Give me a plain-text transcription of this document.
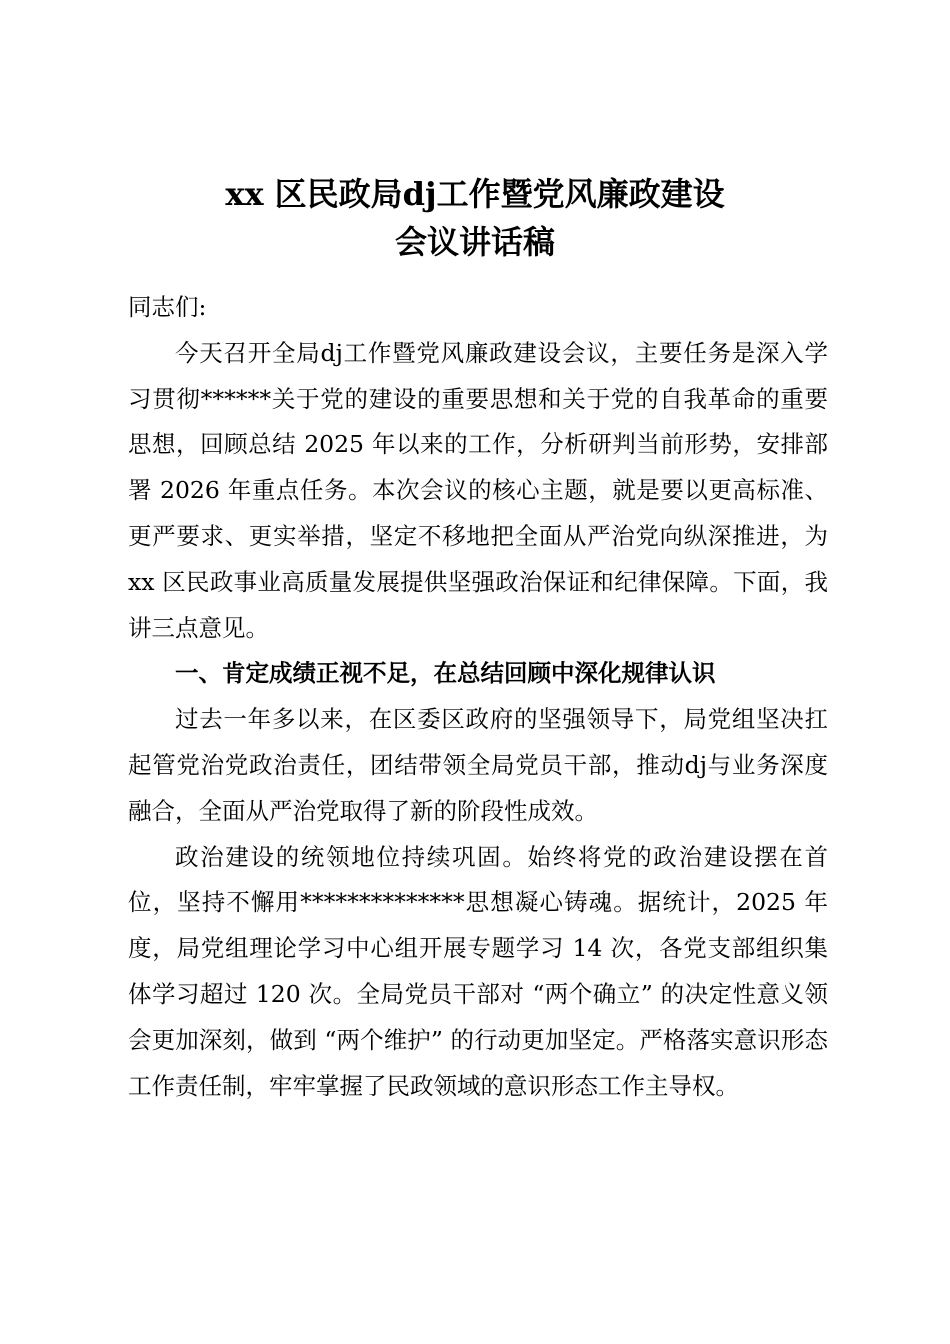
xx 区民政局dj工作暨党风廉政建设
会议讲话稿

同志们:

今天召开全局dj工作暨党风廉政建设会议，主要任务是深入学习贯彻******关于党的建设的重要思想和关于党的自我革命的重要思想，回顾总结 2025 年以来的工作，分析研判当前形势，安排部署 2026 年重点任务。本次会议的核心主题，就是要以更高标准、更严要求、更实举措，坚定不移地把全面从严治党向纵深推进，为 xx 区民政事业高质量发展提供坚强政治保证和纪律保障。下面，我讲三点意见。

一、肯定成绩正视不足，在总结回顾中深化规律认识

过去一年多以来，在区委区政府的坚强领导下，局党组坚决扛起管党治党政治责任，团结带领全局党员干部，推动dj与业务深度融合，全面从严治党取得了新的阶段性成效。

政治建设的统领地位持续巩固。始终将党的政治建设摆在首位，坚持不懈用**************思想凝心铸魂。据统计，2025 年度，局党组理论学习中心组开展专题学习 14 次，各党支部组织集体学习超过 120 次。全局党员干部对 “两个确立” 的决定性意义领会更加深刻，做到 “两个维护” 的行动更加坚定。严格落实意识形态工作责任制，牢牢掌握了民政领域的意识形态工作主导权。
